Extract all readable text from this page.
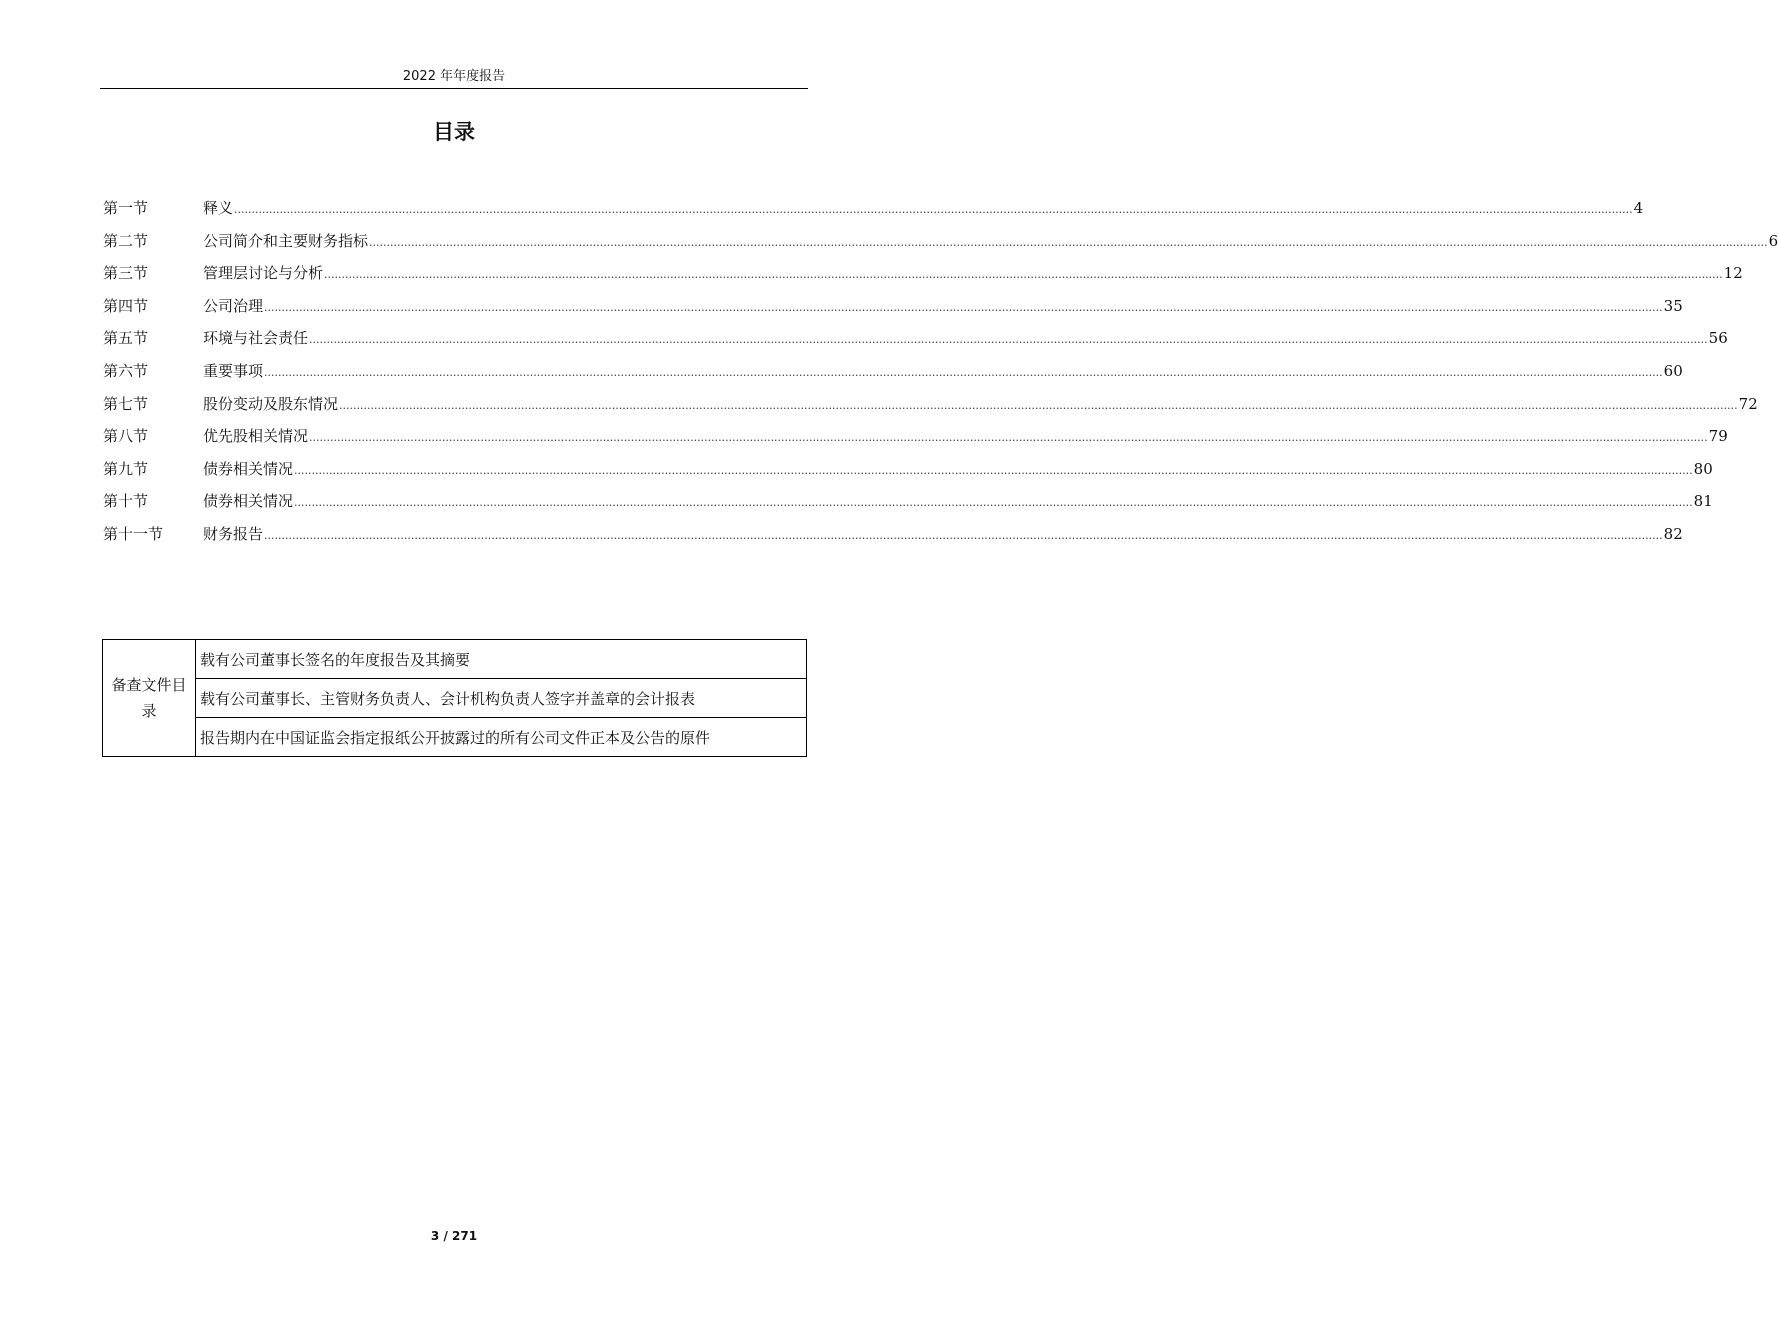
2022 年年度报告
目录
第一节	释义 ................................................................................................................................................................................................................................................................................................................................................................................................................ 4
第二节	公司简介和主要财务指标 ................................................................................................................................................................................................................................................................................................................................................................................................................ 6
第三节	管理层讨论与分析 ................................................................................................................................................................................................................................................................................................................................................................................................................ 12
第四节	公司治理 ................................................................................................................................................................................................................................................................................................................................................................................................................ 35
第五节	环境与社会责任 ................................................................................................................................................................................................................................................................................................................................................................................................................ 56
第六节	重要事项 ................................................................................................................................................................................................................................................................................................................................................................................................................ 60
第七节	股份变动及股东情况 ................................................................................................................................................................................................................................................................................................................................................................................................................ 72
第八节	优先股相关情况 ................................................................................................................................................................................................................................................................................................................................................................................................................ 79
第九节	债券相关情况 ................................................................................................................................................................................................................................................................................................................................................................................................................ 80
第十节	债券相关情况 ................................................................................................................................................................................................................................................................................................................................................................................................................ 81
第十一节	财务报告 ................................................................................................................................................................................................................................................................................................................................................................................................................ 82
备查文件目录	载有公司董事长签名的年度报告及其摘要
载有公司董事长、主管财务负责人、会计机构负责人签字并盖章的会计报表
报告期内在中国证监会指定报纸公开披露过的所有公司文件正本及公告的原件
3 / 271
